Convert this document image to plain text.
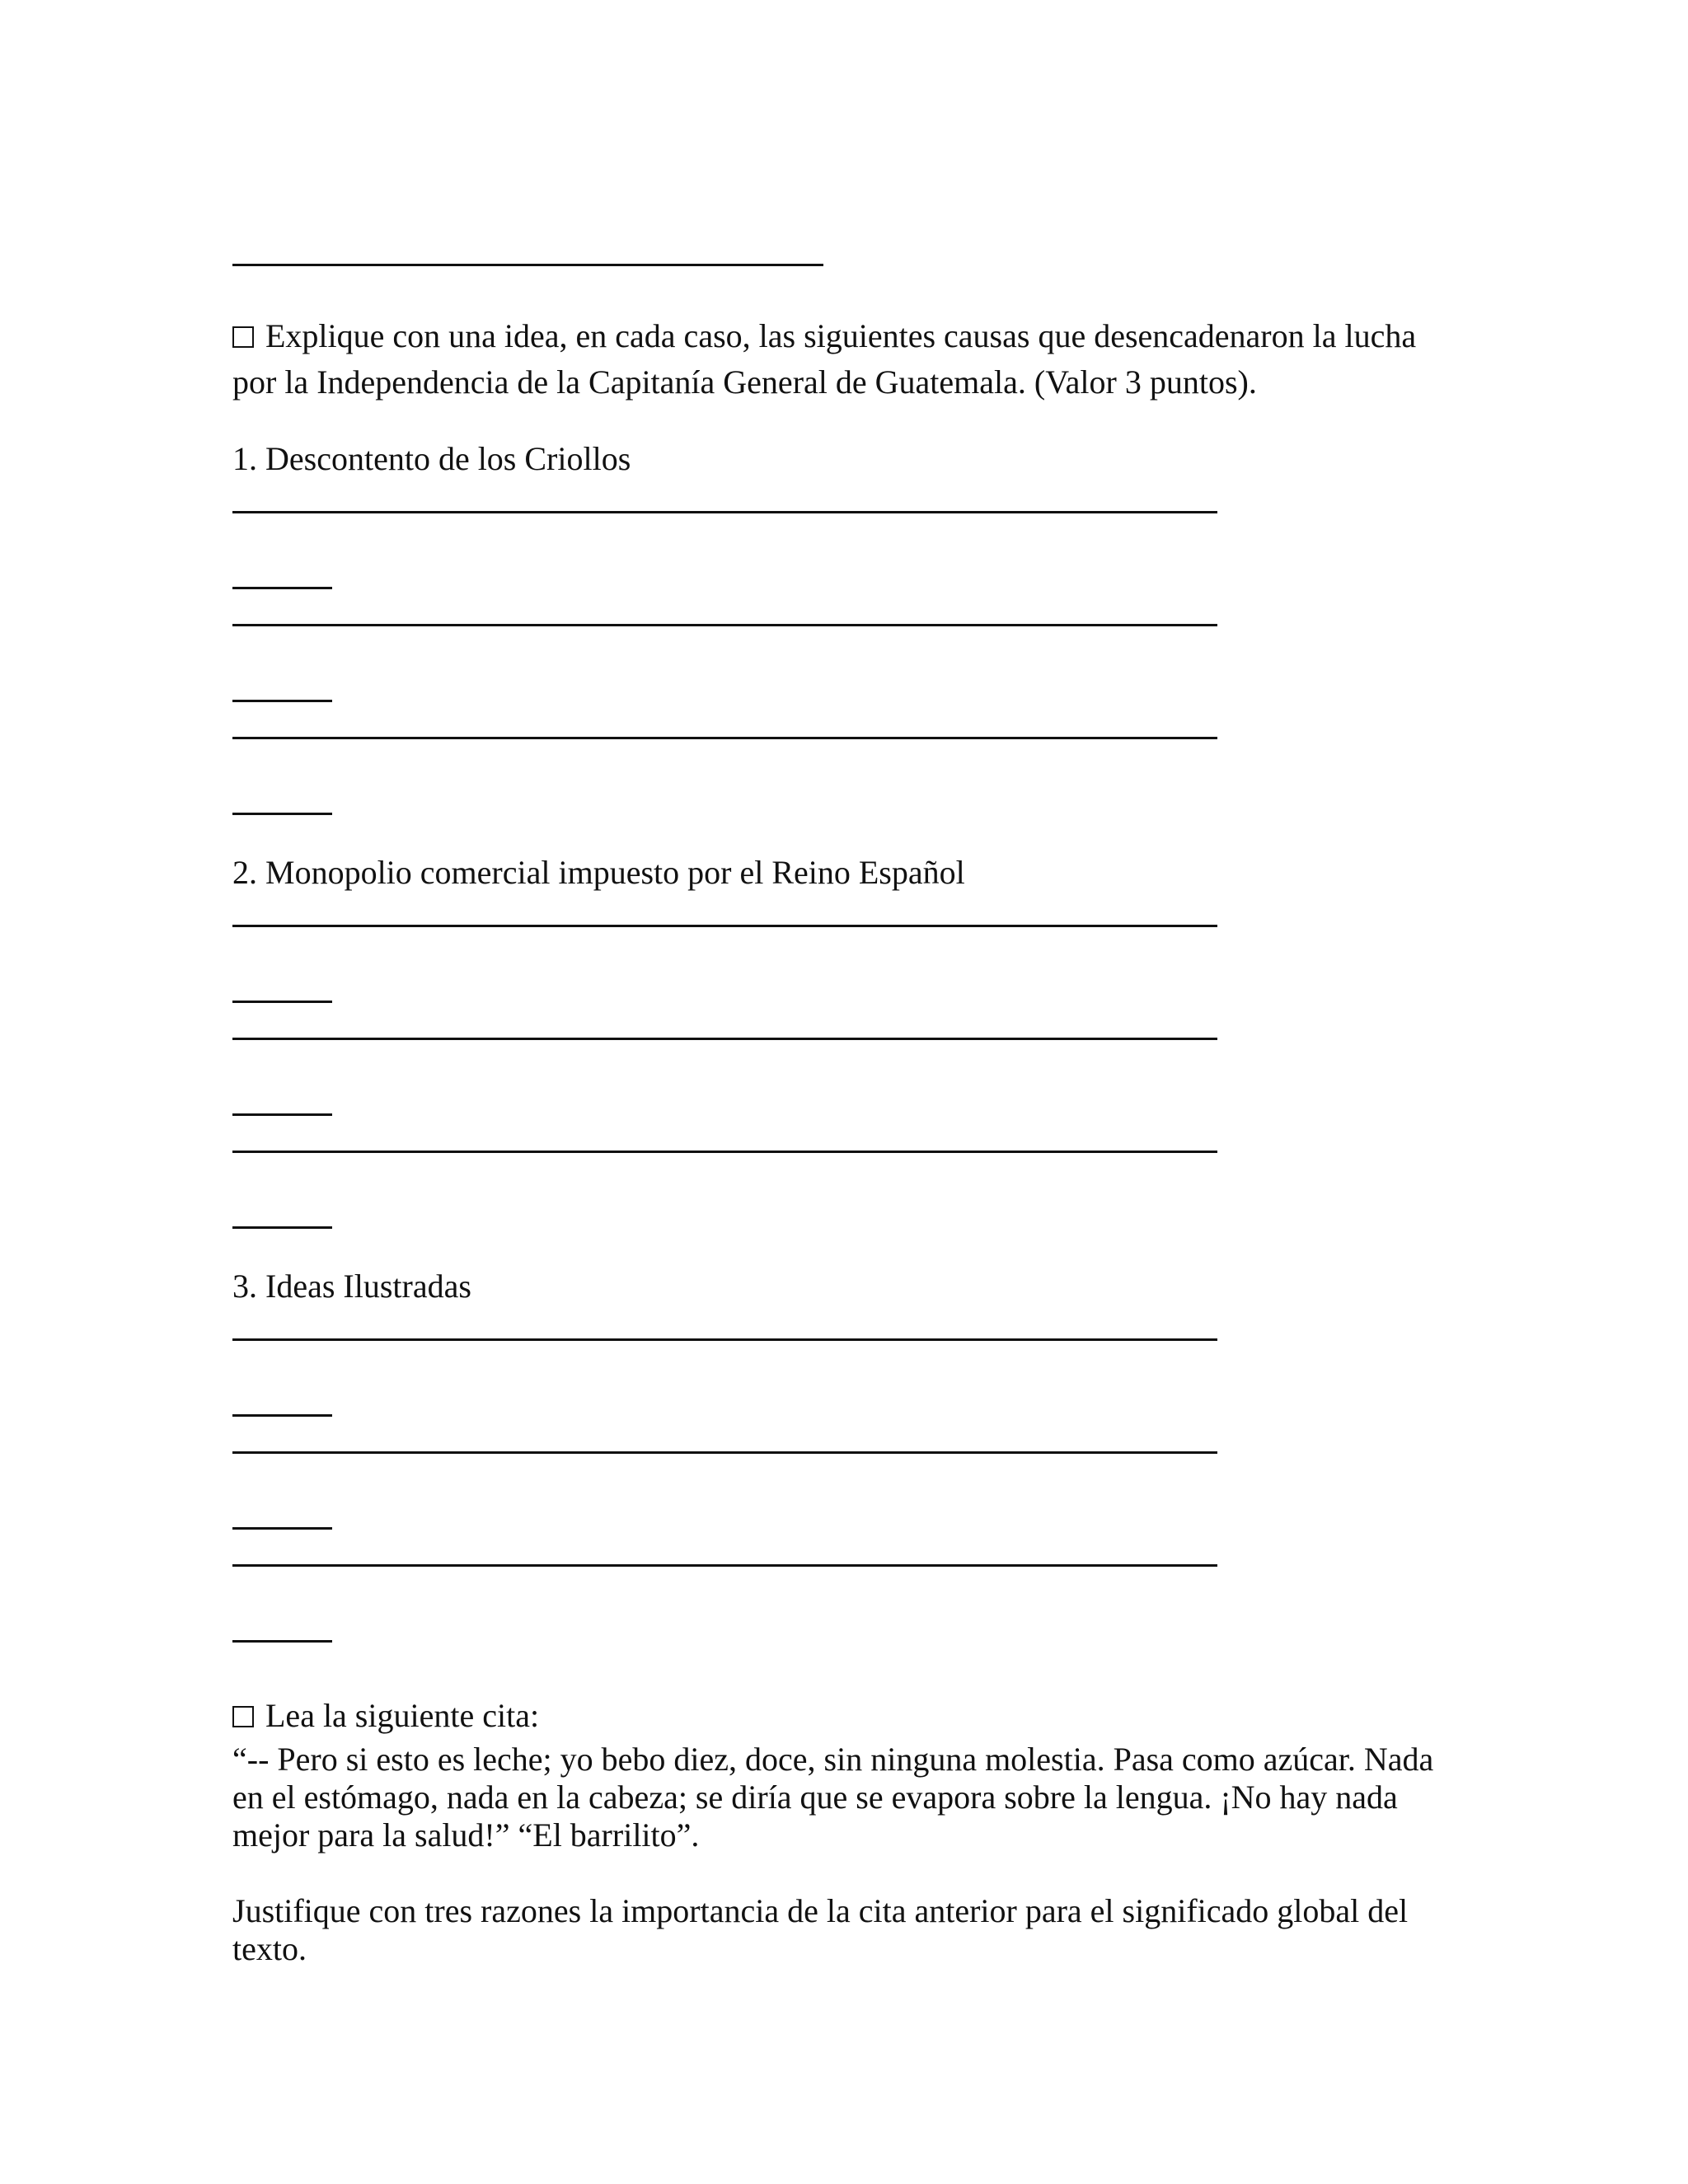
Explique con una idea, en cada caso, las siguientes causas que desencadenaron la lucha
por la Independencia de la Capitanía General de Guatemala. (Valor 3 puntos).
1. Descontento de los Criollos
2. Monopolio comercial impuesto por el Reino Español
3. Ideas Ilustradas
Lea la siguiente cita:
“-- Pero si esto es leche; yo bebo diez, doce, sin ninguna molestia. Pasa como azúcar. Nada
en el estómago, nada en la cabeza; se diría que se evapora sobre la lengua. ¡No hay nada
mejor para la salud!” “El barrilito”.
Justifique con tres razones la importancia de la cita anterior para el significado global del
texto.
